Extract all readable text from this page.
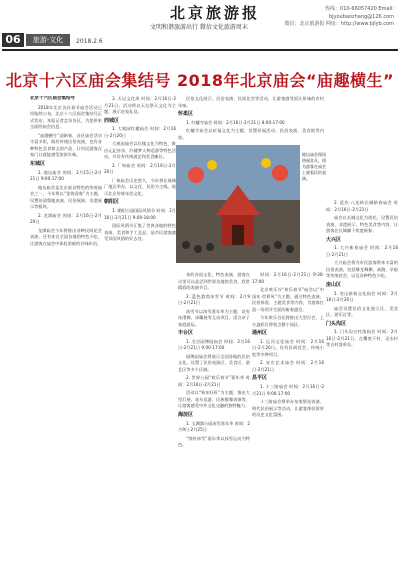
06	旅游·文化
北京旅游报
文明和谐旅游出行 微信文化旅游周末
2018.2.6
热线：010-66057420 Email: bjyoubaozhang@126.com
微信：北京旅游报 网址：http://www.bjlyb.com
北京十六区庙会集结号 2018年北京庙会“庙趣横生”

北京十六区庙会集结号

2018年北京各区春节庙会活动已经陆续公布，北京十六区庙会集结号正式发布。本报记者走访各区，为您带来全面的庙会信息。

“庙趣横生”迎新春，各区庙会活动丰富多彩，既有传统民俗表演，也有各种特色美食和文创产品，让市民游客在家门口就能感受浓浓年味。

东城区

1. 地坛庙会 时间：2月15日-2月21日 9:00-17:00

地坛庙会是北京最具特色的传统庙会之一，今年将以“金狗迎春”为主题，设置仿清祭地表演、民俗展演、非遗展示等板块。

2. 龙潭庙会 时间：2月16日-2月20日

龙潭庙会今年将推出各种民间花会表演，还有来自全国各地的特色小吃，让游客在庙会中体验浓郁的京味年俗。

3. 天坛文化周 时间：2月16日-2月21日，活动将以天坛祭天文化为主题，展示皇家礼仪。

西城区

1. 大观园红楼庙会 时间：2月16日-2月20日

大观园庙会以红楼文化为特色，推出元妃省亲、红楼梦人物巡游等特色活动，并设有传统游艺和美食摊位。

2. 厂甸庙会 时间：2月16日-2月20日

厂甸庙会历史悠久，今年将在琉璃厂地区举办，以文化、民俗为主线，展示北京传统年俗文化。

朝阳区

1. 朝阳公园国际风情节 时间：2月16日-2月21日 9:00-18:00

国际风情节汇集了世界各地的特色表演、美食和手工艺品，是市民游客感受异国风情的好去处。

来的各国文化、特色表演，游客在这里可以品尝到世界各地的美食，欣赏精彩的表演节目。

2. 蓝色港湾冰雪节 时间：2月9日-2月21日

冰雪节以冰雪嘉年华为主题，设有冰滑梯、冰雕展等互动项目，适合亲子家庭游玩。

丰台区

1. 北京园博园庙会 时间：2月16日-2月21日 9:00-17:00

园博园庙会将展示全国各地的民俗文化，设置了民俗表演区、美食区、游艺区等多个区域。

2. 世界公园“欢乐春节”嘉年华 时间：2月16日-2月21日

活动以“狗年旺旺”为主题，推出大型灯展、花车巡游、民族歌舞表演等，让游客感受中外文化交融的独特魅力。

海淀区

1. 玉渊潭公园冰雪嘉年华 时间：2月9日-2月25日

“缤纷冰雪”嘉年华以冰雪运动为特色。

时间：2月16日-2月21日 9:30-17:00

北京欢乐谷“欢乐春节”庙会以“中国年·世界风”为主题，通过特色表演、民俗体验、主题美食等内容，为游客打造一场别开生面的新春盛会。

今年欢乐谷还将推出大型灯会，上万盏彩灯将装点整个园区。

通州区

1. 运河文化庙会 时间：2月16日-2月20日，设有民间花会、传统小吃等多种项目。

2. 宋庄艺术庙会 时间：2月16日-2月21日

昌平区

1. 十三陵庙会 时间：2月16日-2月21日 9:00-17:00

十三陵庙会将举办皇家祭祀表演、明代民俗展示等活动，让游客体验浓厚的历史文化氛围。

2. 延庆·八达岭长城新春庙会 时间：2月16日-2月21日

庙会以长城文化为依托，设置民俗表演、非遗展示、特色美食等内容，让游客在长城脚下欢度新春。

大兴区

1. 大兴新春庙会 时间：2月16日-2月21日

大兴庙会将为市民游客带来丰富的民俗表演，包括舞龙舞狮、高跷、旱船等传统花会，以及各种特色小吃。

房山区

1. 房山新春文化庙会 时间：2月16日-2月20日

庙会设置民俗文化展示区、美食区、游乐区等。

门头沟区

1. 门头沟古村落庙会 时间：2月16日-2月21日，在爨底下村、灵水村等古村落举办。

民俗文化展示、民俗表演、民间花会等活动，让游客感受原汁原味的乡村年味。

怀柔区

1. 红螺寺庙会 时间：2月16日-2月21日 8:00-17:00

红螺寺庙会以祈福文化为主题，设置祈福活动、民俗表演、美食街等内容。

地坛庙会现场热闹非凡。图为游客在庙会上观看民俗表演。
